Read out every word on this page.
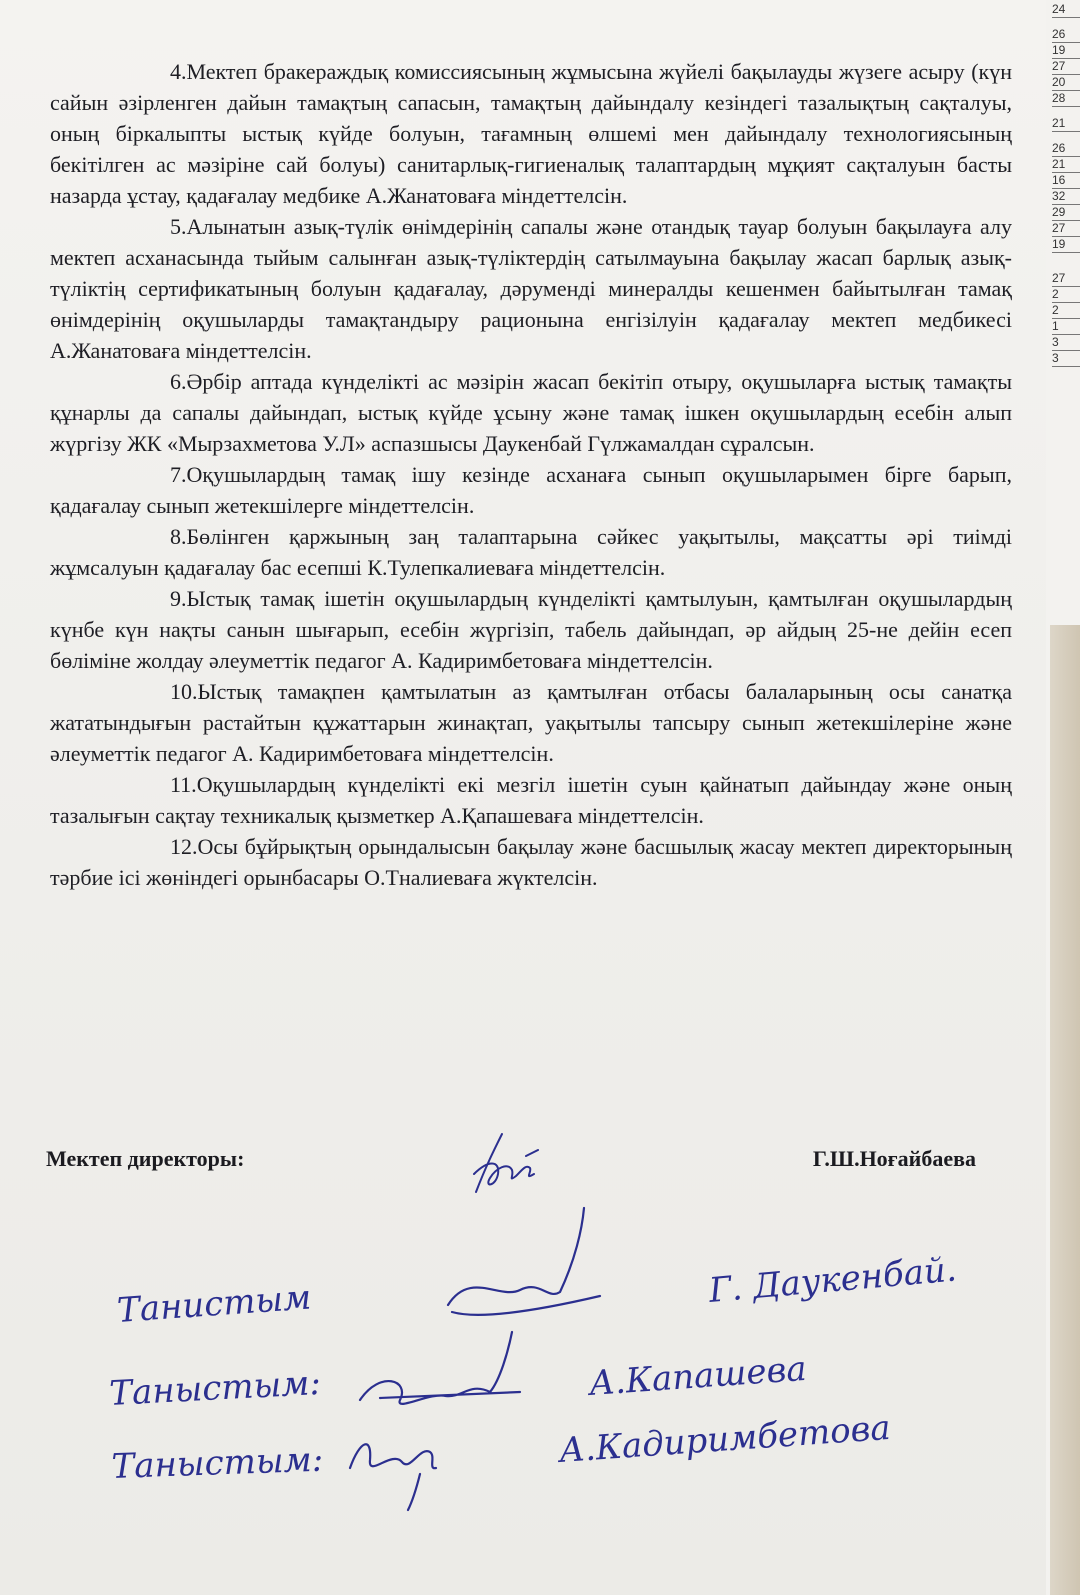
4.Мектеп бракераждық комиссиясының жұмысына жүйелі бақылауды жүзеге асыру (күн сайын әзірленген дайын тамақтың сапасын, тамақтың дайындалу кезіндегі тазалықтың сақталуы, оның біркалыпты ыстық күйде болуын, тағамның өлшемі мен дайындалу технологиясының бекітілген ас мәзіріне сай болуы) санитарлық-гигиеналық талаптардың мұқият сақталуын басты назарда ұстау, қадағалау медбике А.Жанатоваға міндеттелсін.

5.Алынатын азық-түлік өнімдерінің сапалы және отандық тауар болуын бақылауға алу мектеп асханасында тыйым салынған азық-түліктердің сатылмауына бақылау жасап барлық азық-түліктің сертификатының болуын қадағалау, дәруменді минералды кешенмен байытылған тамақ өнімдерінің оқушыларды тамақтандыру рационына енгізілуін қадағалау мектеп медбикесі А.Жанатоваға міндеттелсін.

6.Әрбір аптада күнделікті ас мәзірін жасап бекітіп отыру, оқушыларға ыстық тамақты құнарлы да сапалы дайындап, ыстық күйде ұсыну және тамақ ішкен оқушылардың есебін алып жүргізу ЖК «Мырзахметова У.Л» аспазшысы Даукенбай Гүлжамалдан сұралсын.

7.Оқушылардың тамақ ішу кезінде асханаға сынып оқушыларымен бірге барып, қадағалау сынып жетекшілерге міндеттелсін.

8.Бөлінген қаржының заң талаптарына сәйкес уақытылы, мақсатты әрі тиімді жұмсалуын қадағалау бас есепші К.Тулепкалиеваға міндеттелсін.

9.Ыстық тамақ ішетін оқушылардың күнделікті қамтылуын, қамтылған оқушылардың күнбе күн нақты санын шығарып, есебін жүргізіп, табель дайындап, әр айдың 25-не дейін есеп бөліміне жолдау әлеуметтік педагог А. Кадиримбетоваға міндеттелсін.

10.Ыстық тамақпен қамтылатын аз қамтылған отбасы балаларының осы санатқа жататындығын растайтын құжаттарын жинақтап, уақытылы тапсыру сынып жетекшілеріне және әлеуметтік педагог А. Кадиримбетоваға міндеттелсін.

11.Оқушылардың күнделікті екі мезгіл ішетін суын қайнатып дайындау және оның тазалығын сақтау техникалық қызметкер А.Қапашеваға міндеттелсін.

12.Осы бұйрықтың орындалысын бақылау және басшылық жасау мектеп директорының тәрбие ісі жөніндегі орынбасары О.Тналиеваға жүктелсін.

Мектеп директоры:	Г.Ш.Ноғайбаева
Танистым	Г. Даукенбай.
Таныстым:	А.Капашева
Таныстым:	А.Кадиримбетова
24
26
19
27
20
28
21
26
21
16
32
29
27
19
27
2
2
1
3
3
